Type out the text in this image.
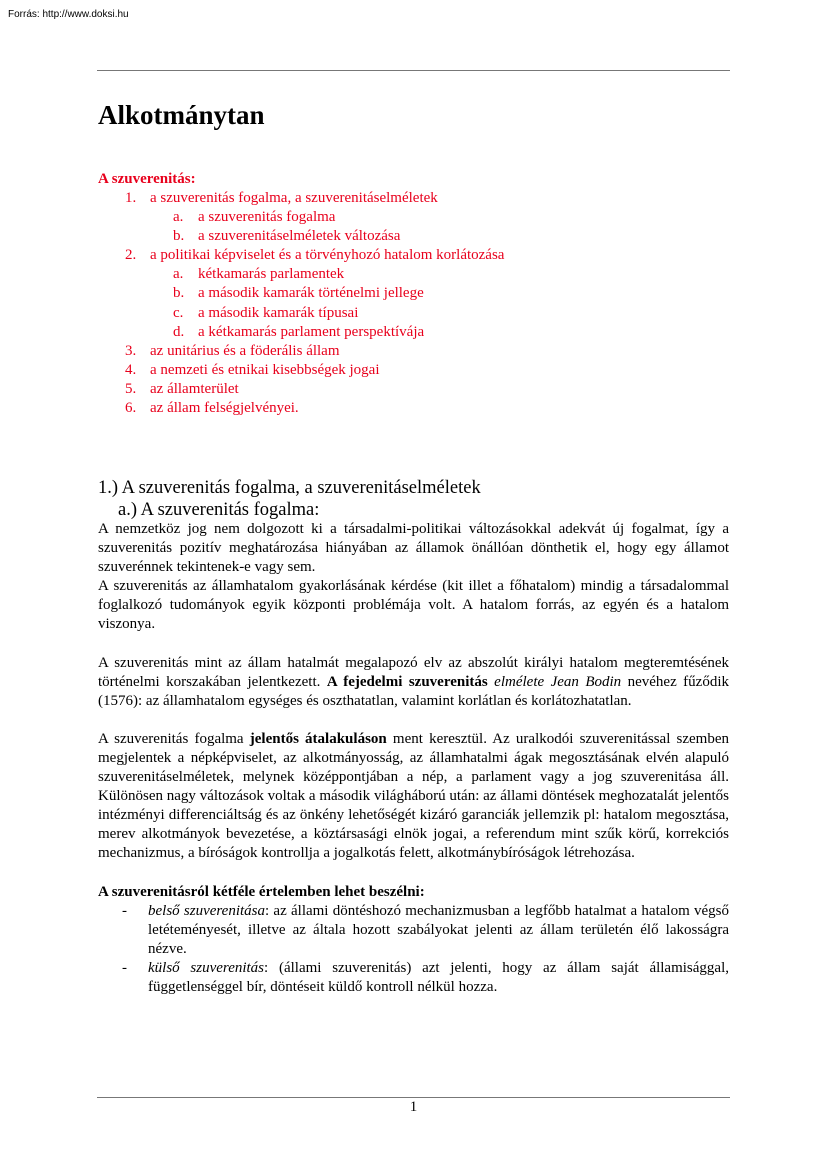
Forrás: http://www.doksi.hu
Alkotmánytan
A szuverenitás:
1. a szuverenitás fogalma, a szuverenitáselméletek
a. a szuverenitás fogalma
b. a szuverenitáselméletek változása
2. a politikai képviselet és a törvényhozó hatalom korlátozása
a. kétkamarás parlamentek
b. a második kamarák történelmi jellege
c. a második kamarák típusai
d. a kétkamarás parlament perspektívája
3. az unitárius és a föderális állam
4. a nemzeti és etnikai kisebbségek jogai
5. az államterület
6. az állam felségjelvényei.
1.) A szuverenitás fogalma, a szuverenitáselméletek
a.) A szuverenitás fogalma:

A nemzetköz jog nem dolgozott ki a társadalmi-politikai változásokkal adekvát új fogalmat, így a szuverenitás pozitív meghatározása hiányában az államok önállóan dönthetik el, hogy egy államot szuverénnek tekintenek-e vagy sem.

A szuverenitás az államhatalom gyakorlásának kérdése (kit illet a főhatalom) mindig a társadalommal foglalkozó tudományok egyik központi problémája volt. A hatalom forrás, az egyén és a hatalom viszonya.

A szuverenitás mint az állam hatalmát megalapozó elv az abszolút királyi hatalom megteremtésének történelmi korszakában jelentkezett. A fejedelmi szuverenitás elmélete Jean Bodin nevéhez fűződik (1576): az államhatalom egységes és oszthatatlan, valamint korlátlan és korlátozhatatlan.

A szuverenitás fogalma jelentős átalakuláson ment keresztül. Az uralkodói szuverenitással szemben megjelentek a népképviselet, az alkotmányosság, az államhatalmi ágak megosztásának elvén alapuló szuverenitáselméletek, melynek középpontjában a nép, a parlament vagy a jog szuverenitása áll. Különösen nagy változások voltak a második világháború után: az állami döntések meghozatalát jelentős intézményi differenciáltság és az önkény lehetőségét kizáró garanciák jellemzik pl: hatalom megosztása, merev alkotmányok bevezetése, a köztársasági elnök jogai, a referendum mint szűk körű, korrekciós mechanizmus, a bíróságok kontrollja a jogalkotás felett, alkotmánybíróságok létrehozása.

A szuverenitásról kétféle értelemben lehet beszélni:

- belső szuverenitása: az állami döntéshozó mechanizmusban a legfőbb hatalmat a hatalom végső letéteményesét, illetve az általa hozott szabályokat jelenti az állam területén élő lakosságra nézve.
- külső szuverenitás: (állami szuverenitás) azt jelenti, hogy az állam saját államisággal, függetlenséggel bír, döntéseit küldő kontroll nélkül hozza.
1
